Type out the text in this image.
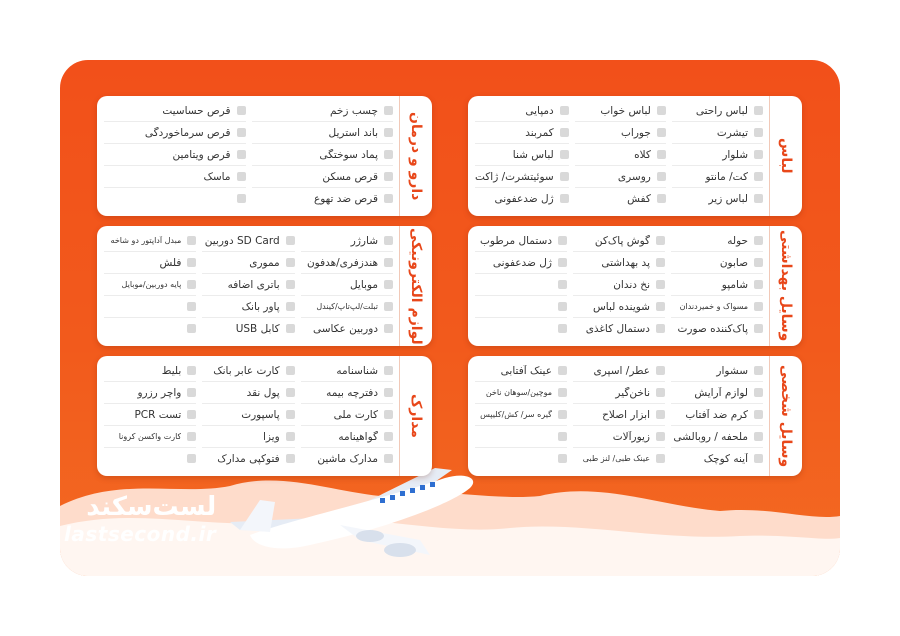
لست‌سکند
lastsecond.ir
لباس
لباس راحتی
تیشرت
شلوار
کت/ مانتو
لباس زیر
لباس خواب
جوراب
کلاه
روسری
کفش
دمپایی
کمربند
لباس شنا
سوئیتشرت/ ژاکت
ژل ضدعفونی
دارو و درمان
چسب زخم
باند استریل
پماد سوختگی
قرص مسکن
قرص ضد تهوع
قرص حساسیت
قرص سرماخوردگی
قرص ویتامین
ماسک
وسایل بهداشتی
حوله
صابون
شامپو
مسواک و خمیردندان
پاک‌کننده صورت
گوش پاک‌کن
پد بهداشتی
نخ دندان
شوینده لباس
دستمال کاغذی
دستمال مرطوب
ژل ضدعفونی
لوازم الکترونیکی
شارژر
هندزفری/هدفون
موبایل
تبلت/لپ‌تاپ/کیندل
دوربین عکاسی
SD Card دوربین
مموری
باتری اضافه
پاور بانک
کابل USB
مبدل آداپتور دو شاخه
فلش
پایه دوربین/موبایل
وسایل شخصی
سشوار
لوازم آرایش
کرم ضد آفتاب
ملحفه / روبالشی
آینه کوچک
عطر/ اسپری
ناخن‌گیر
ابزار اصلاح
زیورآلات
عینک طبی/ لنز طبی
عینک آفتابی
موچین/سوهان ناخن
گیره سر/ کش/کلیپس
مدارک
شناسنامه
دفترچه بیمه
کارت ملی
گواهینامه
مدارک ماشین
کارت عابر بانک
پول نقد
پاسپورت
ویزا
فتوکپی مدارک
بلیط
واچر رزرو
تست PCR
کارت واکسن کرونا
